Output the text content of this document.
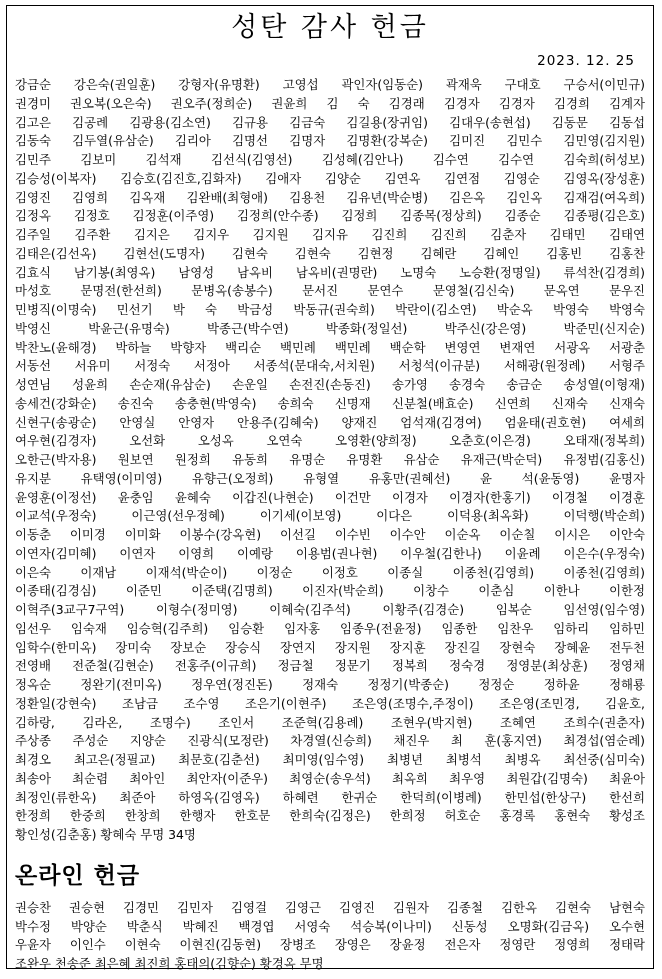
성탄 감사 헌금
2023. 12. 25
강금순 강은숙(권일훈) 강형자(유명환) 고영섭 곽인자(임동순) 곽재욱 구대호 구승서(이민규)
권경미 권오복(오은숙) 권오주(정희순) 권윤희 김 숙 김경래 김경자 김경자 김경희 김계자
김고은 김공례 김광용(김소연) 김규용 김금숙 김길용(장귀임) 김대우(송현섭) 김동문 김동섭
김동숙 김두열(유삼순) 김리아 김명선 김명자 김명환(강복순) 김미진 김민수 김민영(김지원)
김민주 김보미 김석재 김선식(김영선) 김성혜(김안나) 김수연 김수연 김숙희(허성보)
김승성(이복자) 김승호(김진호,김화자) 김애자 김양순 김연옥 김연점 김영순 김영옥(장성훈)
김영진 김영희 김옥재 김완배(최형애) 김용천 김유년(박순병) 김은옥 김인옥 김재검(여옥희)
김정옥 김정호 김정훈(이주영) 김정희(안수종) 김정희 김종목(정상희) 김종순 김종평(김은호)
김주일 김주환 김지은 김지우 김지원 김지유 김진희 김진희 김춘자 김태민 김태연
김태은(김선옥) 김현선(도명자) 김현숙 김현숙 김현정 김혜란 김혜인 김홍빈 김홍찬
김효식 남기봉(최영옥) 남영성 남옥비 남옥비(권명란) 노명숙 노승환(정명일) 류석찬(김경희)
마성호 문명전(한선희) 문병옥(송봉수) 문서진 문연수 문영철(김신숙) 문옥연 문우진
민병직(이명숙) 민선기 박 숙 박금성 박동규(권숙희) 박란이(김소연) 박순옥 박영숙 박영숙
박영신 박윤근(유명숙) 박종근(박수연) 박종화(정일선) 박주신(강은영) 박준민(신지순)
박찬노(윤해경) 박하늘 박향자 백리순 백민례 백민례 백순학 변영연 변재연 서광옥 서광춘
서동선 서유미 서정숙 서정아 서종석(문대숙,서치원) 서청석(이규분) 서해광(원정례) 서형주
성연님 성윤희 손순재(유삼순) 손운일 손전진(손동진) 송가영 송경숙 송금순 송성열(이형재)
송세건(강화순) 송진숙 송충현(박영숙) 송희숙 신명재 신분철(배효순) 신연희 신재숙 신재숙
신현구(송광순) 안영실 안영자 안용주(김혜숙) 양재진 엄석재(김경여) 엄윤태(권호현) 여세희
여우현(김경자) 오선화 오성옥 오연숙 오영환(양희정) 오춘호(이은경) 오태재(정복희)
오한근(박자용) 원보연 원정희 유동희 유명순 유명환 유삼순 유재근(박순덕) 유정범(김홍신)
유지분 유택영(이미영) 유향근(오정희) 유형열 유홍만(권혜선) 윤 석(윤동영) 윤명자
윤영훈(이정선) 윤충임 윤혜숙 이갑진(나현순) 이건만 이경자 이경자(한홍기) 이경철 이경훈
이교석(우정숙) 이근영(선우정혜) 이기세(이보영) 이다은 이덕용(최옥화) 이덕행(박순희)
이동춘 이미경 이미화 이봉수(강옥현) 이선길 이수빈 이수안 이순옥 이순칠 이시은 이안숙
이연자(김미혜) 이연자 이영희 이예랑 이용범(권나현) 이우철(김한나) 이윤례 이은수(우정숙)
이은숙 이재남 이재석(박순이) 이정순 이정호 이종실 이종천(김영희) 이종천(김영희)
이종태(김경심) 이준민 이준택(김명희) 이진자(박순희) 이창수 이춘심 이한나 이한정
이혁주(3교구7구역) 이형수(정미영) 이혜숙(김주석) 이황주(김경순) 임복순 임선영(임수영)
임선우 임숙재 임승혁(김주희) 임승환 임자홍 임종우(전윤정) 임종한 임찬우 임하리 임하민
임학수(한미옥) 장미숙 장보순 장승식 장연지 장지원 장지훈 장진길 장현숙 장혜윤 전두천
전영배 전준철(김현순) 전홍주(이규희) 정금철 정문기 정복희 정숙경 정영분(최상훈) 정영채
정옥순 정완기(전미옥) 정우연(정진돈) 정재숙 정정기(박종순) 정정순 정하윤 정해룡
정환일(강현숙) 조남금 조수영 조은기(이현주) 조은영(조명수,주정이) 조은영(조민경, 김윤호,
김하랑, 김라온, 조명수) 조인서 조준혁(김용례) 조현우(박지현) 조혜연 조희수(권춘자)
주상종 주성순 지양순 진광식(모정란) 차경열(신승희) 채진우 최 훈(홍지연) 최경섭(염순례)
최경오 최고은(정필교) 최문호(김춘선) 최미영(임수영) 최병년 최병석 최병옥 최선중(심미숙)
최송아 최순렴 최아인 최안자(이준우) 최영순(송우석) 최옥희 최우영 최원갑(김명숙) 최윤아
최정인(류한옥) 최준아 하영옥(김영옥) 하혜련 한귀순 한덕희(이병례) 한민섭(한상구) 한선희
한정희 한중희 한창희 한행자 한호문 한희숙(김정은) 한희정 허호순 홍경록 홍현숙 황성조
황인성(김춘홍) 황혜숙 무명 34명
온라인 헌금
권승찬 권승현 김경민 김민자 김영걸 김영근 김영진 김원자 김종철 김한옥 김현숙 남현숙
박수정 박양순 박춘식 박혜진 백경엽 서영숙 석승복(이나미) 신동성 오명화(김금옥) 오수현
우윤자 이인수 이현숙 이현진(김동현) 장병조 장영은 장윤정 전은자 정영란 정영희 정태락
조완우 천송준 최은혜 최진희 홍태의(김향순) 황경옥 무명
